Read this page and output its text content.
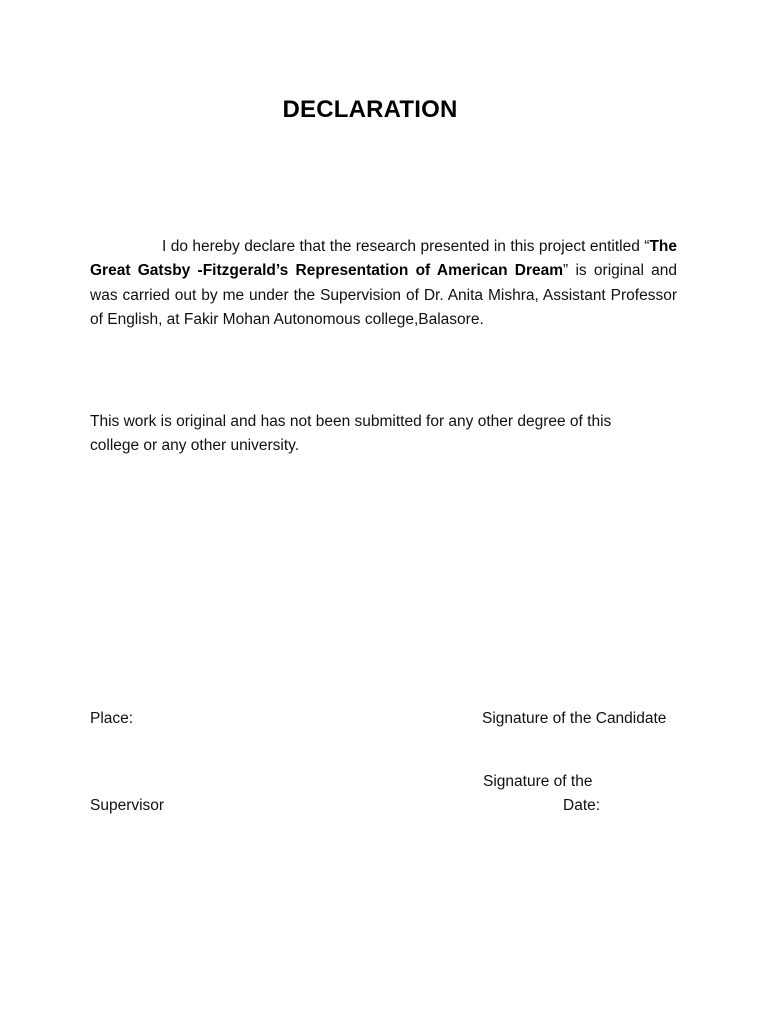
DECLARATION

I do hereby declare that the research presented in this project entitled “The Great Gatsby -Fitzgerald’s Representation of American Dream” is original and was carried out by me under the Supervision of Dr. Anita Mishra, Assistant Professor of English, at Fakir Mohan Autonomous college,Balasore.

This work is original and has not been submitted for any other degree of this college or any other university.

Place:	Signature of the Candidate
Signature of the
Supervisor	Date:
